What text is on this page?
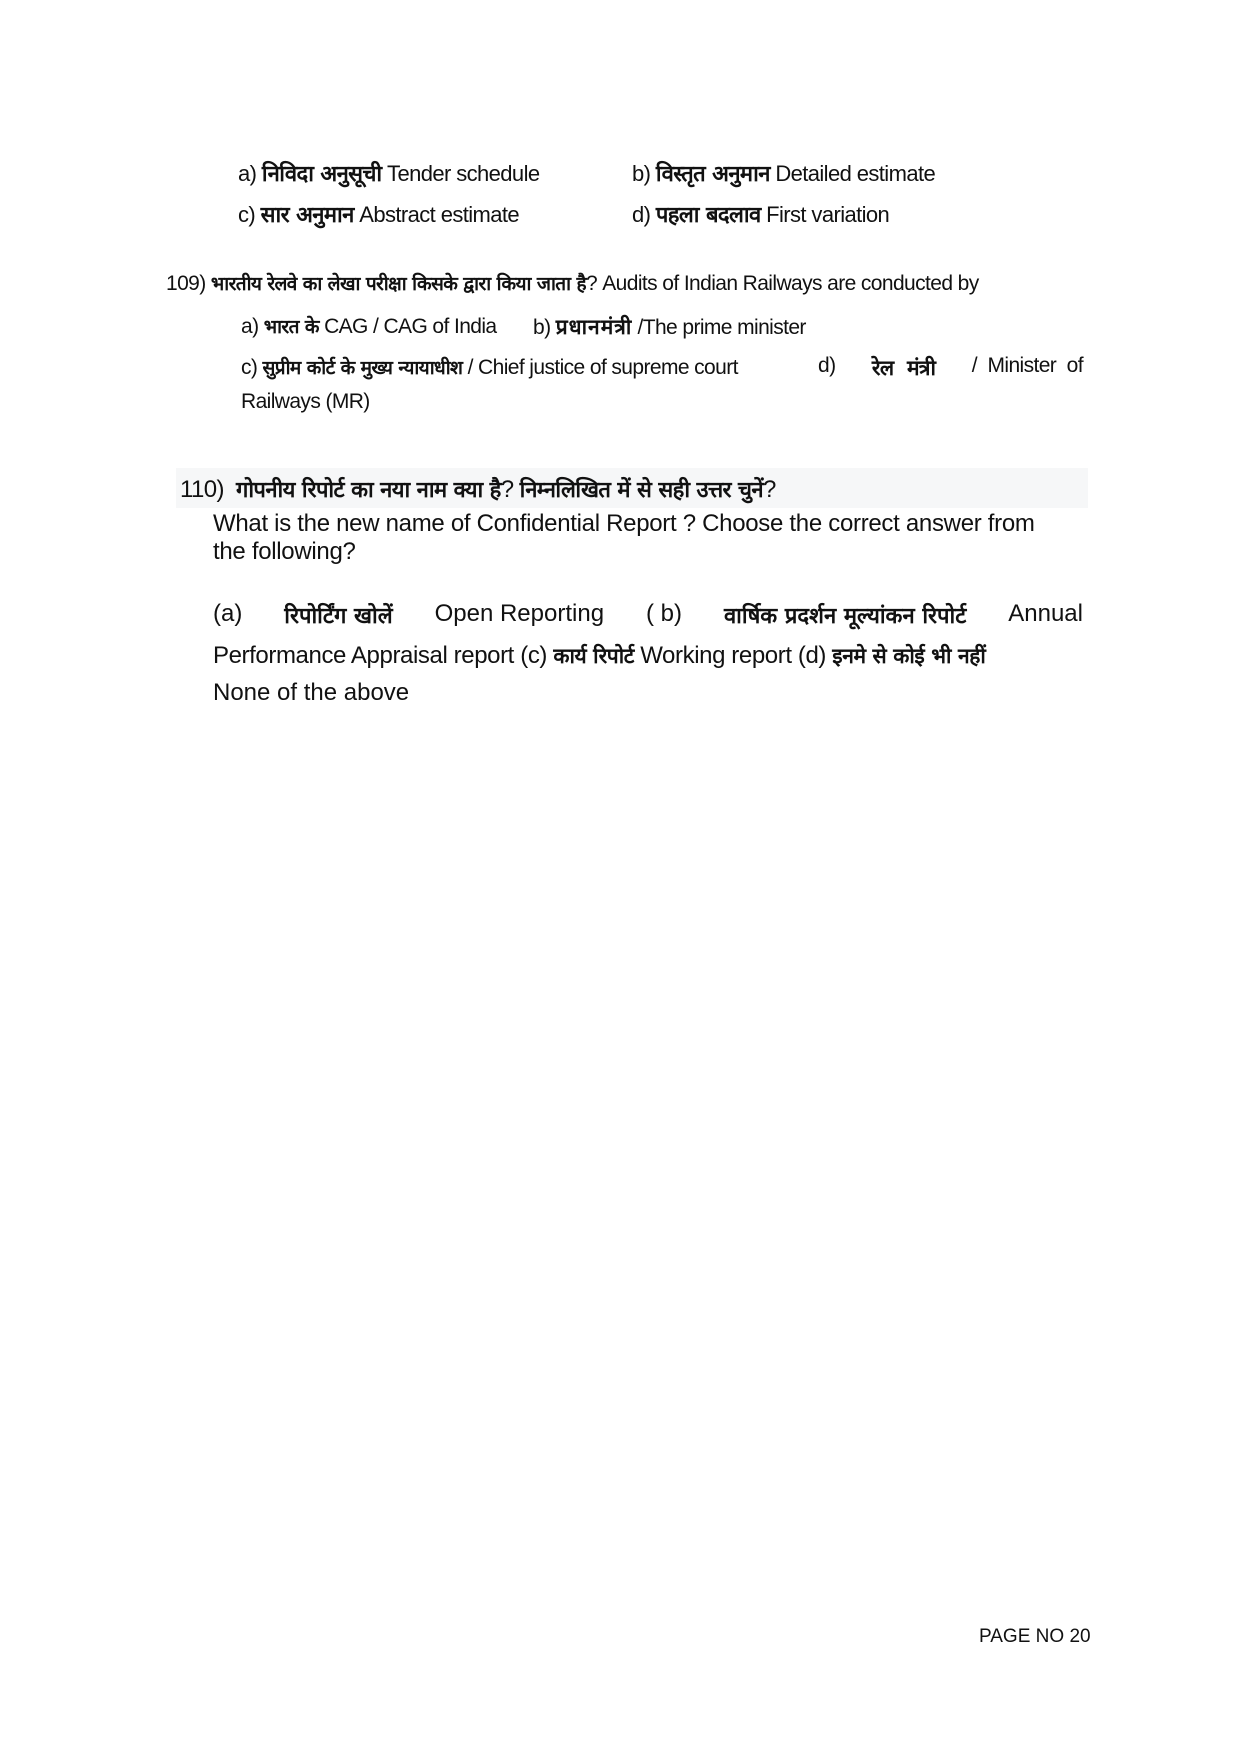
a) निविदा अनुसूची Tender schedule	b) विस्तृत अनुमान Detailed estimate
c) सार अनुमान Abstract estimate	d) पहला बदलाव First variation
109) भारतीय रेलवे का लेखा परीक्षा किसके द्वारा किया जाता है? Audits of Indian Railways are conducted by
a) भारत के CAG / CAG of India b) प्रधानमंत्री /The prime minister
c) सुप्रीम कोर्ट के मुख्य न्यायाधीश / Chief justice of supreme court	d) रेल  मंत्री /  Minister  of
Railways (MR)
110) गोपनीय रिपोर्ट का नया नाम क्या है? निम्नलिखित में से सही उत्तर चुनें?
What is the new name of Confidential Report ? Choose the correct answer from
the following?
(a) रिपोर्टिंग खोलें Open Reporting ( b) वार्षिक प्रदर्शन मूल्यांकन रिपोर्ट Annual
Performance Appraisal report (c) कार्य रिपोर्ट Working report (d) इनमे से कोई भी नहीं
None of the above
PAGE NO 20
